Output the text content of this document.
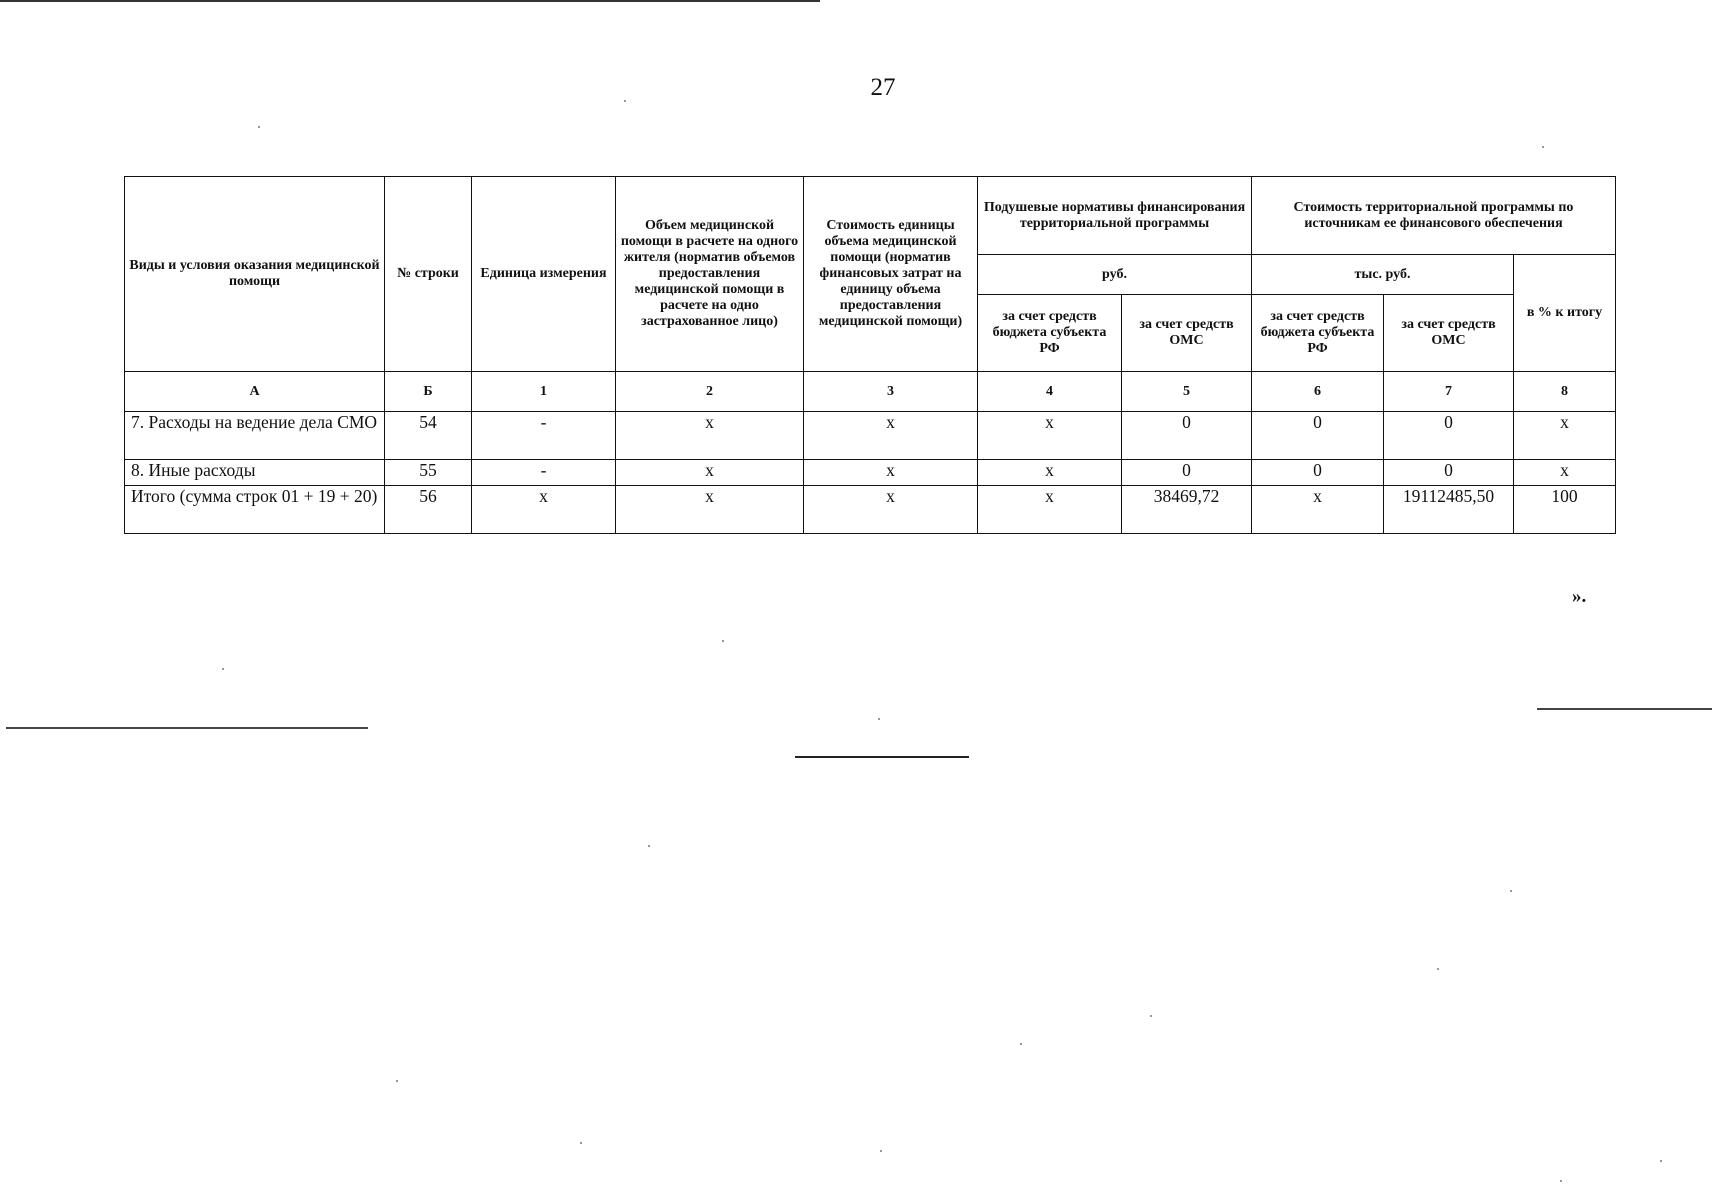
27
Виды и условия оказания медицинской помощи	№ строки	Единица измерения	Объем медицинской помощи в расчете на одного жителя (норматив объемов предоставления медицинской помощи в расчете на одно застрахованное лицо)	Стоимость единицы объема медицинской помощи (норматив финансовых затрат на единицу объема предоставления медицинской помощи)	Подушевые нормативы финансирования территориальной программы		Стоимость территориальной программы по источникам ее финансового обеспечения		
					руб.		тыс. руб.		в % к итогу
					за счет средств бюджета субъекта РФ	за счет средств ОМС	за счет средств бюджета субъекта РФ	за счет средств ОМС	
А	Б	1	2	3	4	5	6	7	8
7. Расходы на ведение дела СМО	54	-	х	х	х	0	0	0	х
8. Иные расходы	55	-	х	х	х	0	0	0	х
Итого (сумма строк 01 + 19 + 20)	56	х	х	х	х	38469,72	х	19112485,50	100
».
